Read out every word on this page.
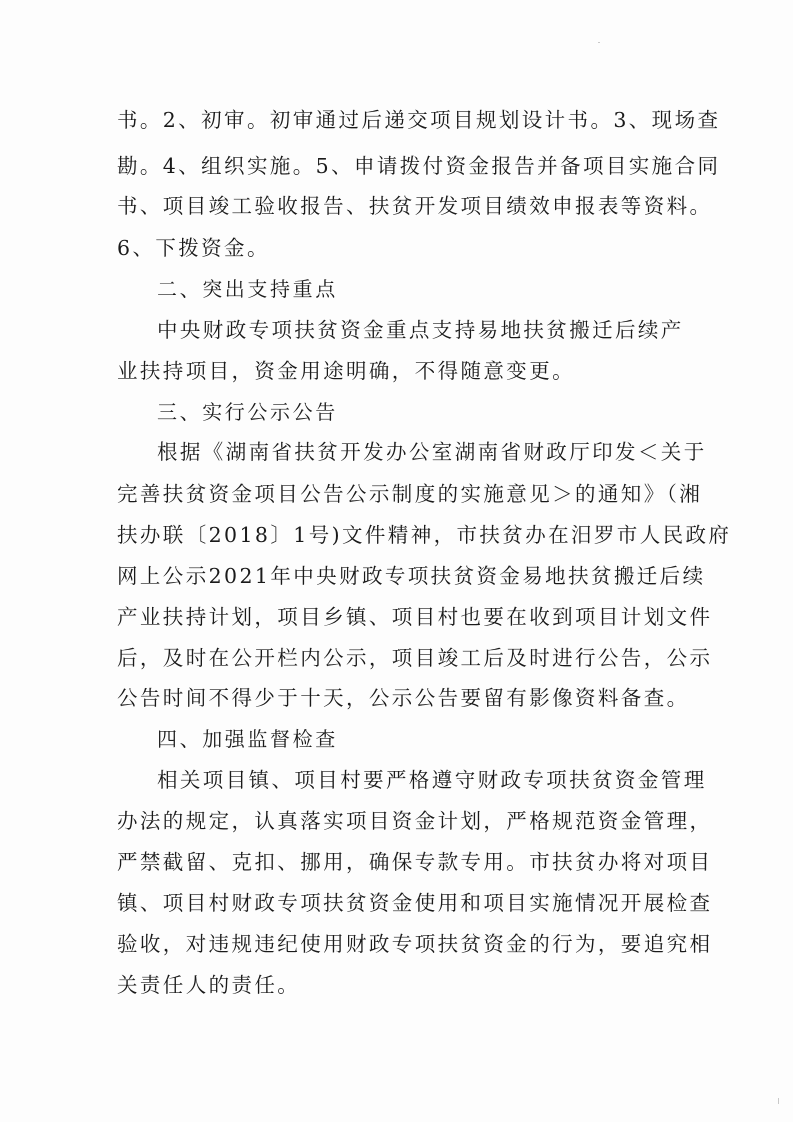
书。2、初审。初审通过后递交项目规划设计书。3、现场查
勘。4、组织实施。5、申请拨付资金报告并备项目实施合同
书、项目竣工验收报告、扶贫开发项目绩效申报表等资料。
6、下拨资金。
二、突出支持重点
中央财政专项扶贫资金重点支持易地扶贫搬迁后续产
业扶持项目，资金用途明确，不得随意变更。
三、实行公示公告
根据《湖南省扶贫开发办公室湖南省财政厅印发＜关于
完善扶贫资金项目公告公示制度的实施意见＞的通知》（湘
扶办联〔2018〕1号)文件精神，市扶贫办在汨罗市人民政府
网上公示2021年中央财政专项扶贫资金易地扶贫搬迁后续
产业扶持计划，项目乡镇、项目村也要在收到项目计划文件
后，及时在公开栏内公示，项目竣工后及时进行公告，公示
公告时间不得少于十天，公示公告要留有影像资料备查。
四、加强监督检查
相关项目镇、项目村要严格遵守财政专项扶贫资金管理
办法的规定，认真落实项目资金计划，严格规范资金管理，
严禁截留、克扣、挪用，确保专款专用。市扶贫办将对项目
镇、项目村财政专项扶贫资金使用和项目实施情况开展检查
验收，对违规违纪使用财政专项扶贫资金的行为，要追究相
关责任人的责任。
